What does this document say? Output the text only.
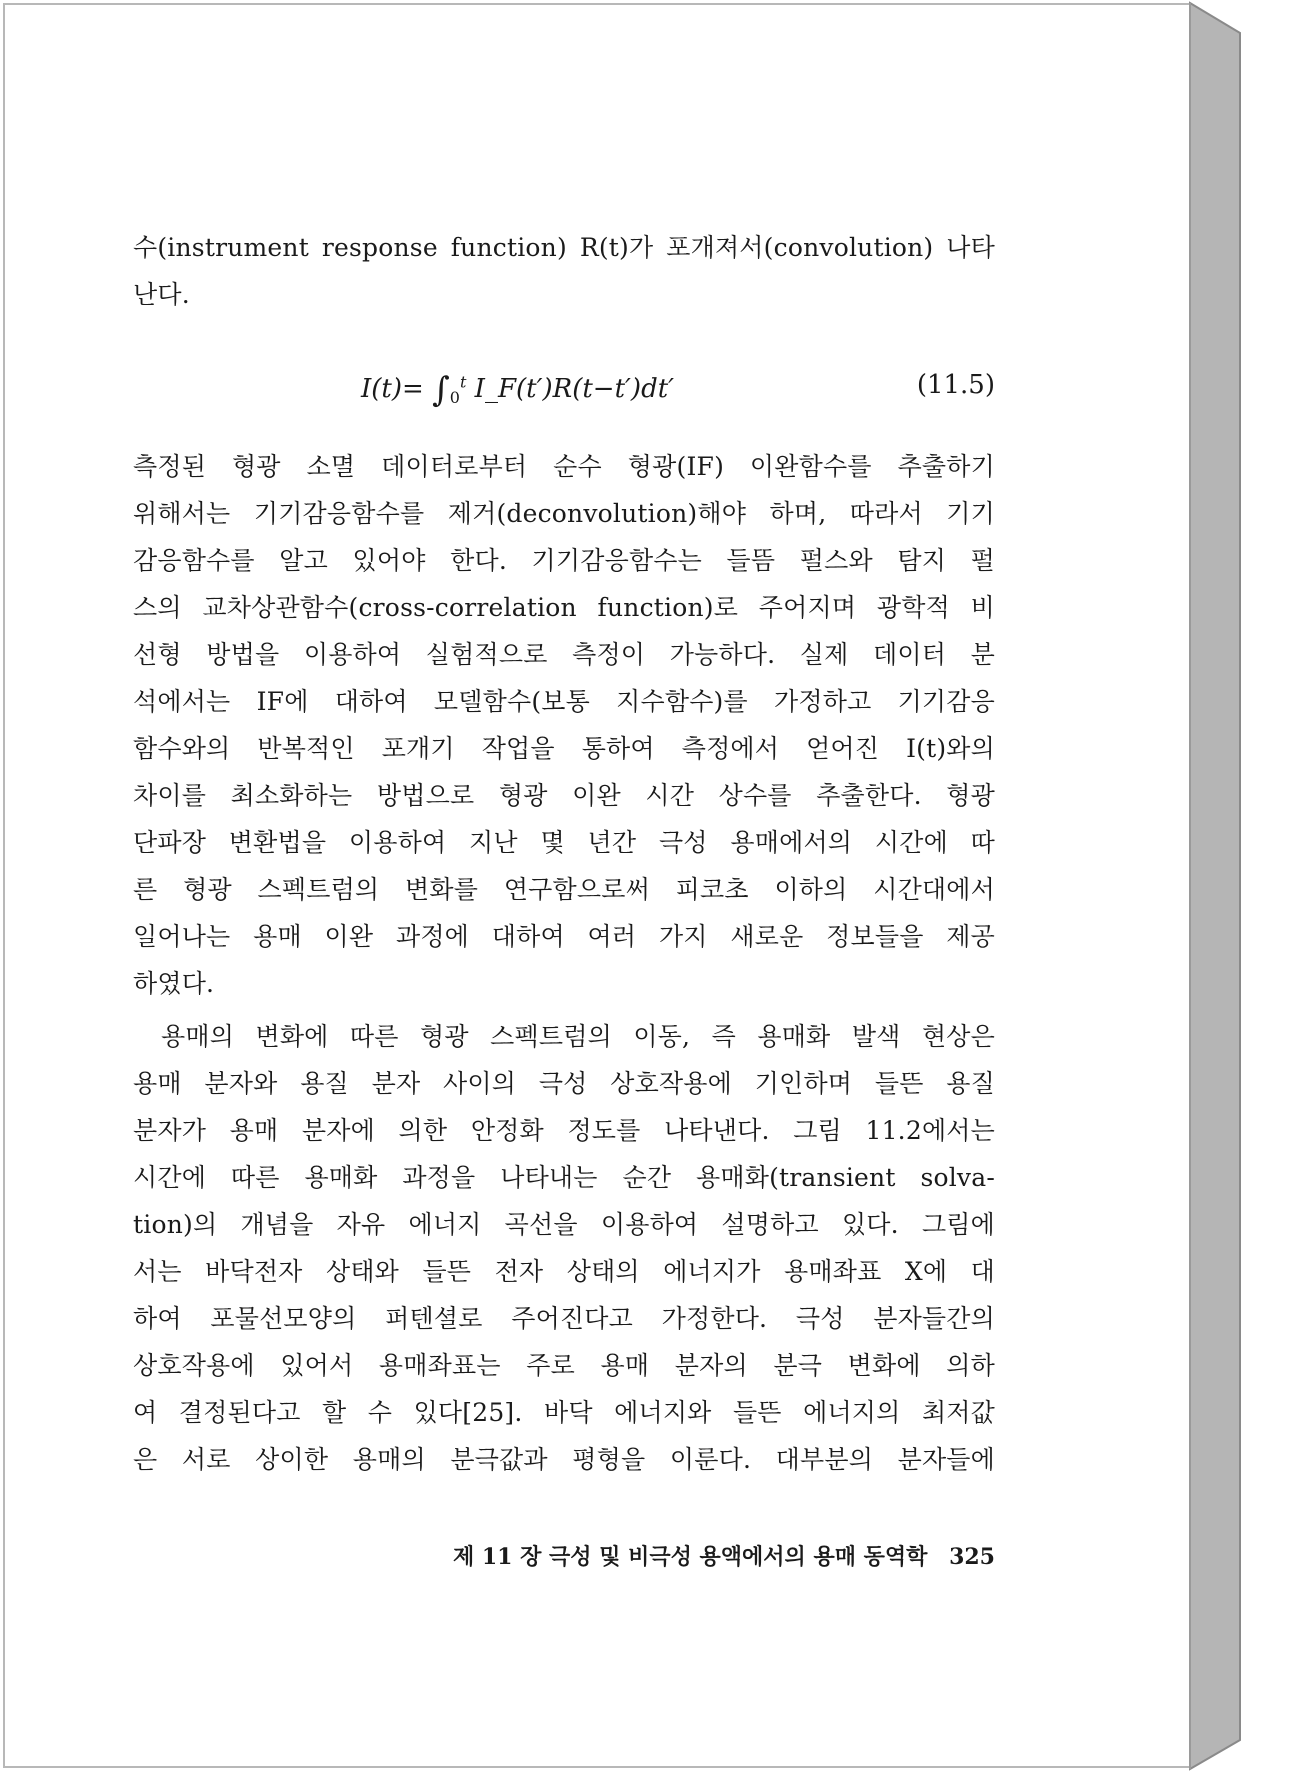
수(instrument response function) R(t)가 포개져서(convolution) 나타
난다.
$I(t)= \int_0^t$ I_F(t′)R(t−t′)dt′	(11.5)
측정된 형광 소멸 데이터로부터 순수 형광(IF) 이완함수를 추출하기
위해서는 기기감응함수를 제거(deconvolution)해야 하며, 따라서 기기
감응함수를 알고 있어야 한다. 기기감응함수는 들뜸 펄스와 탐지 펄
스의 교차상관함수(cross-correlation function)로 주어지며 광학적 비
선형 방법을 이용하여 실험적으로 측정이 가능하다. 실제 데이터 분
석에서는 IF에 대하여 모델함수(보통 지수함수)를 가정하고 기기감응
함수와의 반복적인 포개기 작업을 통하여 측정에서 얻어진 I(t)와의
차이를 최소화하는 방법으로 형광 이완 시간 상수를 추출한다. 형광
단파장 변환법을 이용하여 지난 몇 년간 극성 용매에서의 시간에 따
른 형광 스펙트럼의 변화를 연구함으로써 피코초 이하의 시간대에서
일어나는 용매 이완 과정에 대하여 여러 가지 새로운 정보들을 제공
하였다.
용매의 변화에 따른 형광 스펙트럼의 이동, 즉 용매화 발색 현상은
용매 분자와 용질 분자 사이의 극성 상호작용에 기인하며 들뜬 용질
분자가 용매 분자에 의한 안정화 정도를 나타낸다. 그림 11.2에서는
시간에 따른 용매화 과정을 나타내는 순간 용매화(transient solva-
tion)의 개념을 자유 에너지 곡선을 이용하여 설명하고 있다. 그림에
서는 바닥전자 상태와 들뜬 전자 상태의 에너지가 용매좌표 X에 대
하여 포물선모양의 퍼텐셜로 주어진다고 가정한다. 극성 분자들간의
상호작용에 있어서 용매좌표는 주로 용매 분자의 분극 변화에 의하
여 결정된다고 할 수 있다[25]. 바닥 에너지와 들뜬 에너지의 최저값
은 서로 상이한 용매의 분극값과 평형을 이룬다. 대부분의 분자들에
제 11 장 극성 및 비극성 용액에서의 용매 동역학 325
